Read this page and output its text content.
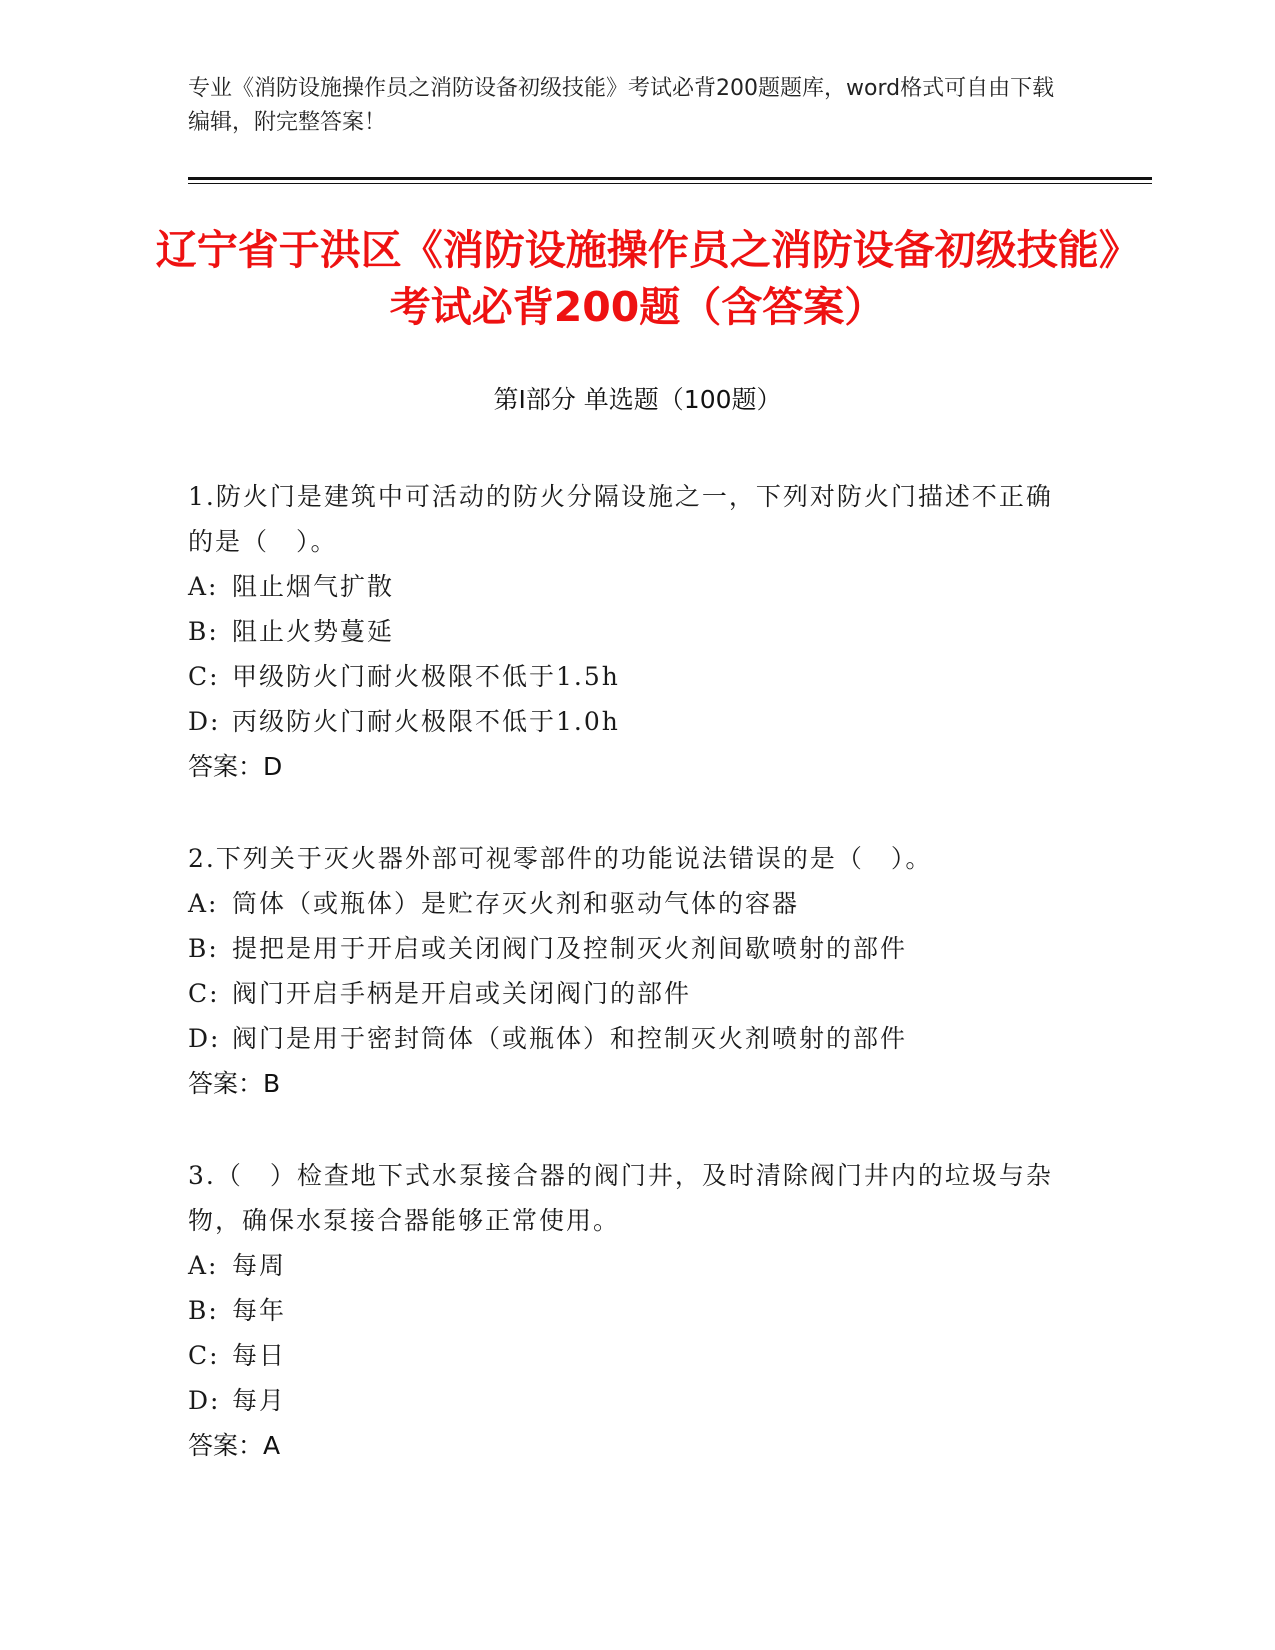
专业《消防设施操作员之消防设备初级技能》考试必背200题题库，word格式可自由下载编辑，附完整答案！
辽宁省于洪区《消防设施操作员之消防设备初级技能》考试必背200题（含答案）
第Ⅰ部分 单选题（100题）
1.防火门是建筑中可活动的防火分隔设施之一，下列对防火门描述不正确的是（　）。
A: 阻止烟气扩散
B: 阻止火势蔓延
C: 甲级防火门耐火极限不低于1.5h
D: 丙级防火门耐火极限不低于1.0h
答案：D
2.下列关于灭火器外部可视零部件的功能说法错误的是（　）。
A: 筒体（或瓶体）是贮存灭火剂和驱动气体的容器
B: 提把是用于开启或关闭阀门及控制灭火剂间歇喷射的部件
C: 阀门开启手柄是开启或关闭阀门的部件
D: 阀门是用于密封筒体（或瓶体）和控制灭火剂喷射的部件
答案：B
3.（　）检查地下式水泵接合器的阀门井，及时清除阀门井内的垃圾与杂物，确保水泵接合器能够正常使用。
A: 每周
B: 每年
C: 每日
D: 每月
答案：A
